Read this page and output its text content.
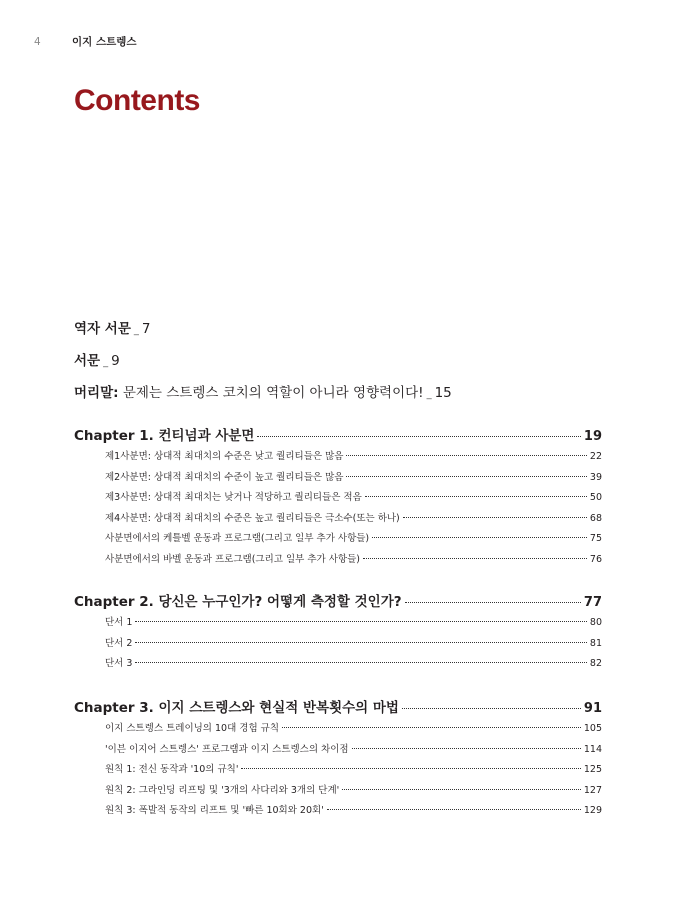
4	이지 스트렝스
Contents
역자 서문 _ 7
서문 _ 9
머리말: 문제는 스트렝스 코치의 역할이 아니라 영향력이다! _ 15
Chapter 1. 컨티넘과 사분면	19
제1사분면: 상대적 최대치의 수준은 낮고 퀄리티들은 많음	22
제2사분면: 상대적 최대치의 수준이 높고 퀄리티들은 많음	39
제3사분면: 상대적 최대치는 낮거나 적당하고 퀄리티들은 적음	50
제4사분면: 상대적 최대치의 수준은 높고 퀄리티들은 극소수(또는 하나)	68
사분면에서의 케틀벨 운동과 프로그램(그리고 일부 추가 사항들)	75
사분면에서의 바벨 운동과 프로그램(그리고 일부 추가 사항들)	76
Chapter 2. 당신은 누구인가? 어떻게 측정할 것인가?	77
단서 1	80
단서 2	81
단서 3	82
Chapter 3. 이지 스트렝스와 현실적 반복횟수의 마법	91
이지 스트렝스 트레이닝의 10대 경험 규칙	105
'이븐 이지어 스트렝스' 프로그램과 이지 스트렝스의 차이점	114
원칙 1: 전신 동작과 '10의 규칙'	125
원칙 2: 그라인딩 리프팅 및 '3개의 사다리와 3개의 단계'	127
원칙 3: 폭발적 동작의 리프트 및 '빠른 10회와 20회'	129
